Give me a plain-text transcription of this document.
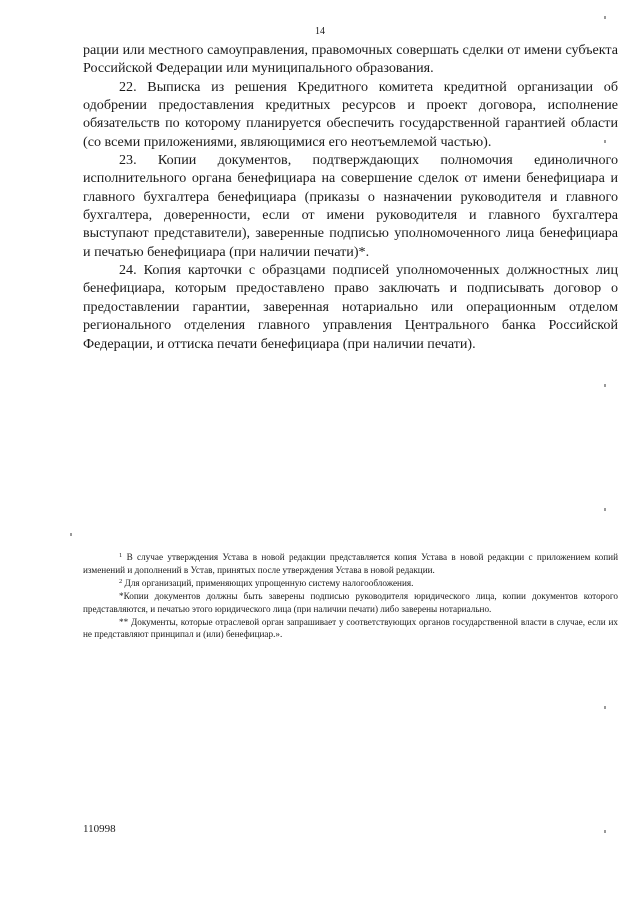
14

рации или местного самоуправления, правомочных совершать сделки от имени субъекта Российской Федерации или муниципального образования.

22. Выписка из решения Кредитного комитета кредитной организации об одобрении предоставления кредитных ресурсов и проект договора, исполнение обязательств по которому планируется обеспечить государственной гарантией области (со всеми приложениями, являющимися его неотъемлемой частью).

23. Копии документов, подтверждающих полномочия единоличного исполнительного органа бенефициара на совершение сделок от имени бенефициара и главного бухгалтера бенефициара (приказы о назначении руководителя и главного бухгалтера, доверенности, если от имени руководителя и главного бухгалтера выступают представители), заверенные подписью уполномоченного лица бенефициара и печатью бенефициара (при наличии печати)*.

24. Копия карточки с образцами подписей уполномоченных должностных лиц бенефициара, которым предоставлено право заключать и подписывать договор о предоставлении гарантии, заверенная нотариально или операционным отделом регионального отделения главного управления Центрального банка Российской Федерации, и оттиска печати бенефициара (при наличии печати).

$^1$ В случае утверждения Устава в новой редакции представляется копия Устава в новой редакции с приложением копий изменений и дополнений в Устав, принятых после утверждения Устава в новой редакции.

$^2$ Для организаций, применяющих упрощенную систему налогообложения.

*Копии документов должны быть заверены подписью руководителя юридического лица, копии документов которого представляются, и печатью этого юридического лица (при наличии печати) либо заверены нотариально.

** Документы, которые отраслевой орган запрашивает у соответствующих органов государственной власти в случае, если их не представляют принципал и (или) бенефициар.».

110998
